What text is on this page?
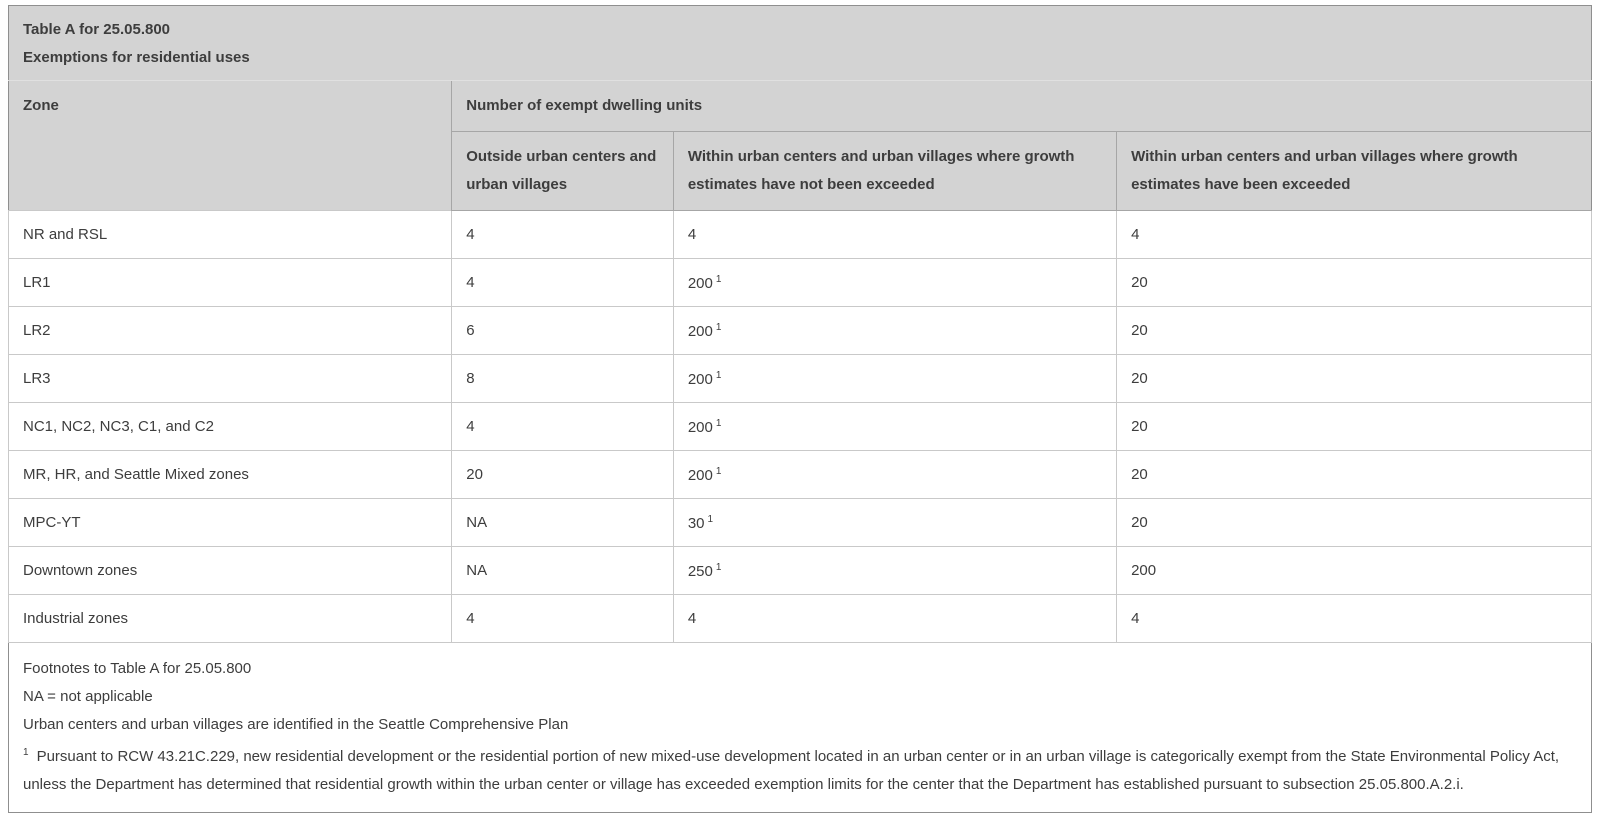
Table A for 25.05.800
Exemptions for residential uses			

Zone	Number of exempt dwelling units		
	Outside urban centers and urban villages	Within urban centers and urban villages where growth estimates have not been exceeded	Within urban centers and urban villages where growth estimates have been exceeded
NR and RSL	4	4	4
LR1	4	200 $^1$	20
LR2	6	200 $^1$	20
LR3	8	200 $^1$	20
NC1, NC2, NC3, C1, and C2	4	200 $^1$	20
MR, HR, and Seattle Mixed zones	20	200 $^1$	20
MPC-YT	NA	30 $^1$	20
Downtown zones	NA	250 $^1$	200
Industrial zones	4	4	4

Footnotes to Table A for 25.05.800
NA = not applicable
Urban centers and urban villages are identified in the Seattle Comprehensive Plan
$^1$ Pursuant to RCW 43.21C.229, new residential development or the residential portion of new mixed-use development located in an urban center or in an urban village is categorically exempt from the State Environmental Policy Act, unless the Department has determined that residential growth within the urban center or village has exceeded exemption limits for the center that the Department has established pursuant to subsection 25.05.800.A.2.i.			
